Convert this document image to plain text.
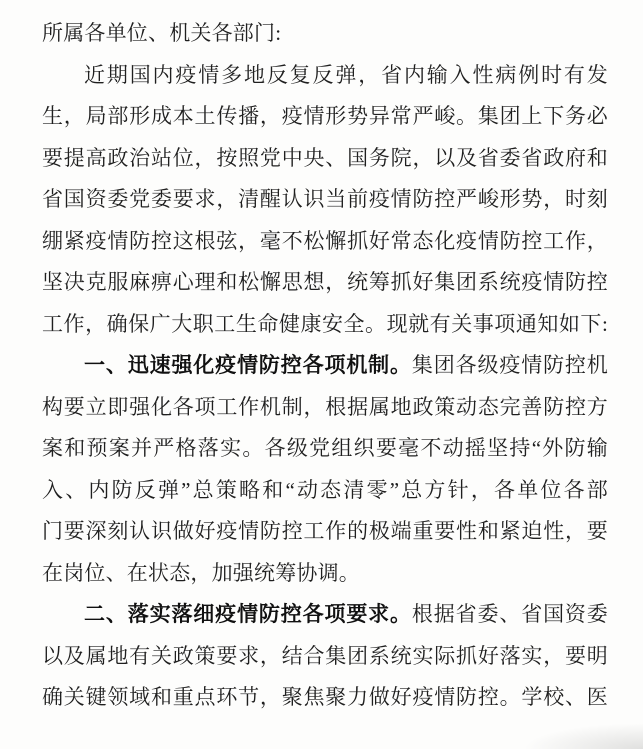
所属各单位、机关各部门:
近期国内疫情多地反复反弹，省内输入性病例时有发
生，局部形成本土传播，疫情形势异常严峻。集团上下务必
要提高政治站位，按照党中央、国务院，以及省委省政府和
省国资委党委要求，清醒认识当前疫情防控严峻形势，时刻
绷紧疫情防控这根弦，毫不松懈抓好常态化疫情防控工作，
坚决克服麻痹心理和松懈思想，统筹抓好集团系统疫情防控
工作，确保广大职工生命健康安全。现就有关事项通知如下:
一、迅速强化疫情防控各项机制。集团各级疫情防控机
构要立即强化各项工作机制，根据属地政策动态完善防控方
案和预案并严格落实。各级党组织要毫不动摇坚持“外防输
入、内防反弹”总策略和“动态清零”总方针，各单位各部
门要深刻认识做好疫情防控工作的极端重要性和紧迫性，要
在岗位、在状态，加强统筹协调。
二、落实落细疫情防控各项要求。根据省委、省国资委
以及属地有关政策要求，结合集团系统实际抓好落实，要明
确关键领域和重点环节，聚焦聚力做好疫情防控。学校、医
